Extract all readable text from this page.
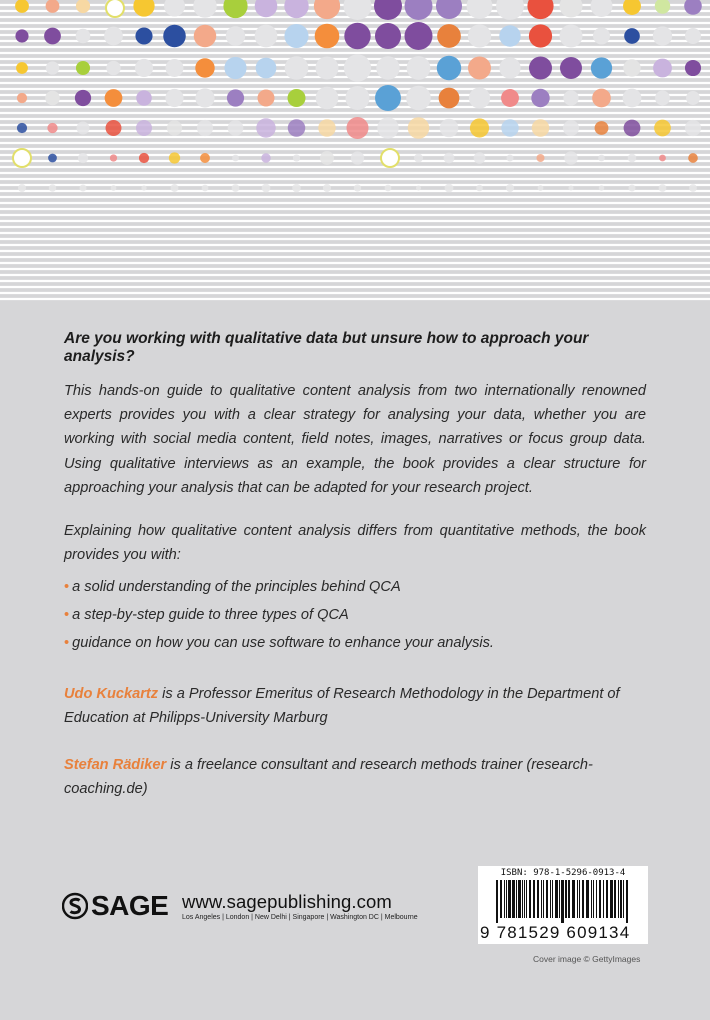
Are you working with qualitative data but unsure how to approach your analysis?
This hands-on guide to qualitative content analysis from two internationally renowned experts provides you with a clear strategy for analysing your data, whether you are working with social media content, field notes, images, narratives or focus group data. Using qualitative interviews as an example, the book provides a clear structure for approaching your analysis that can be adapted for your research project.
Explaining how qualitative content analysis differs from quantitative methods, the book provides you with:
• a solid understanding of the principles behind QCA
• a step-by-step guide to three types of QCA
• guidance on how you can use software to enhance your analysis.
Udo Kuckartz is a Professor Emeritus of Research Methodology in the Department of Education at Philipps-University Marburg
Stefan Rädiker is a freelance consultant and research methods trainer (research-coaching.de)
SAGE www.sagepublishing.com
Los Angeles | London | New Delhi | Singapore | Washington DC | Melbourne
ISBN: 978-1-5296-0913-4
9 781529 609134
Cover image © GettyImages
